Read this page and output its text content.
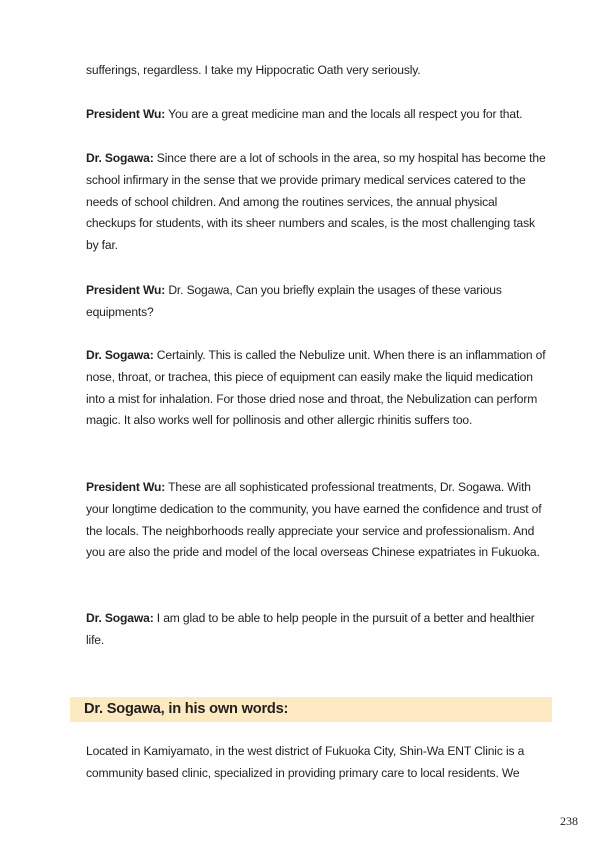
sufferings, regardless. I take my Hippocratic Oath very seriously.

President Wu: You are a great medicine man and the locals all respect you for that.

Dr. Sogawa: Since there are a lot of schools in the area, so my hospital has become the school infirmary in the sense that we provide primary medical services catered to the needs of school children. And among the routines services, the annual physical checkups for students, with its sheer numbers and scales, is the most challenging task by far.

President Wu: Dr. Sogawa, Can you briefly explain the usages of these various equipments?

Dr. Sogawa: Certainly. This is called the Nebulize unit. When there is an inflammation of nose, throat, or trachea, this piece of equipment can easily make the liquid medication into a mist for inhalation. For those dried nose and throat, the Nebulization can perform magic. It also works well for pollinosis and other allergic rhinitis suffers too.

President Wu: These are all sophisticated professional treatments, Dr. Sogawa. With your longtime dedication to the community, you have earned the confidence and trust of the locals. The neighborhoods really appreciate your service and professionalism. And you are also the pride and model of the local overseas Chinese expatriates in Fukuoka.

Dr. Sogawa: I am glad to be able to help people in the pursuit of a better and healthier life.

Dr. Sogawa, in his own words:

Located in Kamiyamato, in the west district of Fukuoka City, Shin-Wa ENT Clinic is a community based clinic, specialized in providing primary care to local residents. We

238
